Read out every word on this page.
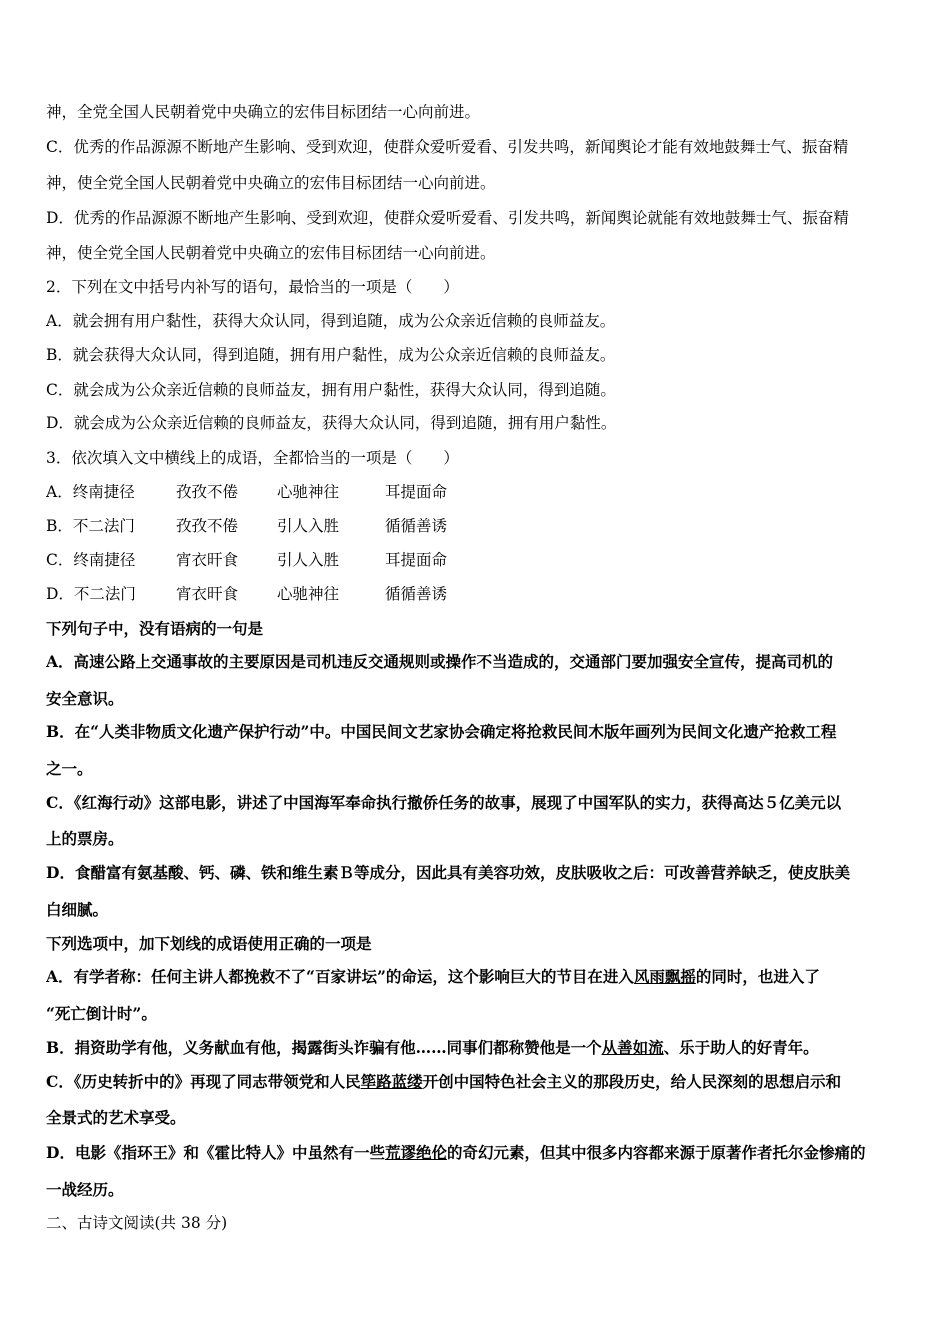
神，全党全国人民朝着党中央确立的宏伟目标团结一心向前进。
C．优秀的作品源源不断地产生影响、受到欢迎，使群众爱听爱看、引发共鸣，新闻舆论才能有效地鼓舞士气、振奋精
神，使全党全国人民朝着党中央确立的宏伟目标团结一心向前进。
D．优秀的作品源源不断地产生影响、受到欢迎，使群众爱听爱看、引发共鸣，新闻舆论就能有效地鼓舞士气、振奋精
神，使全党全国人民朝着党中央确立的宏伟目标团结一心向前进。
2．下列在文中括号内补写的语句，最恰当的一项是（　　）
A．就会拥有用户黏性，获得大众认同，得到追随，成为公众亲近信赖的良师益友。
B．就会获得大众认同，得到追随，拥有用户黏性，成为公众亲近信赖的良师益友。
C．就会成为公众亲近信赖的良师益友，拥有用户黏性，获得大众认同，得到追随。
D．就会成为公众亲近信赖的良师益友，获得大众认同，得到追随，拥有用户黏性。
3．依次填入文中横线上的成语，全都恰当的一项是（　　）
A．终南捷径	孜孜不倦	心驰神往	耳提面命
B．不二法门	孜孜不倦	引人入胜	循循善诱
C．终南捷径	宵衣旰食	引人入胜	耳提面命
D．不二法门	宵衣旰食	心驰神往	循循善诱
下列句子中，没有语病的一句是
A．高速公路上交通事故的主要原因是司机违反交通规则或操作不当造成的，交通部门要加强安全宣传，提高司机的
安全意识。
B．在“人类非物质文化遗产保护行动”中。中国民间文艺家协会确定将抢救民间木版年画列为民间文化遗产抢救工程
之一。
C．《红海行动》这部电影，讲述了中国海军奉命执行撤侨任务的故事，展现了中国军队的实力，获得高达５亿美元以
上的票房。
D．食醋富有氨基酸、钙、磷、铁和维生素Ｂ等成分，因此具有美容功效，皮肤吸收之后：可改善营养缺乏，使皮肤美
白细腻。
下列选项中，加下划线的成语使用正确的一项是
A．有学者称：任何主讲人都挽救不了“百家讲坛”的命运，这个影响巨大的节目在进入风雨飘摇的同时，也进入了
“死亡倒计时”。
B．捐资助学有他，义务献血有他，揭露街头诈骗有他……同事们都称赞他是一个从善如流、乐于助人的好青年。
C．《历史转折中的》再现了同志带领党和人民筚路蓝缕开创中国特色社会主义的那段历史，给人民深刻的思想启示和
全景式的艺术享受。
D．电影《指环王》和《霍比特人》中虽然有一些荒谬绝伦的奇幻元素，但其中很多内容都来源于原著作者托尔金惨痛的
一战经历。
二、古诗文阅读(共 38 分)
